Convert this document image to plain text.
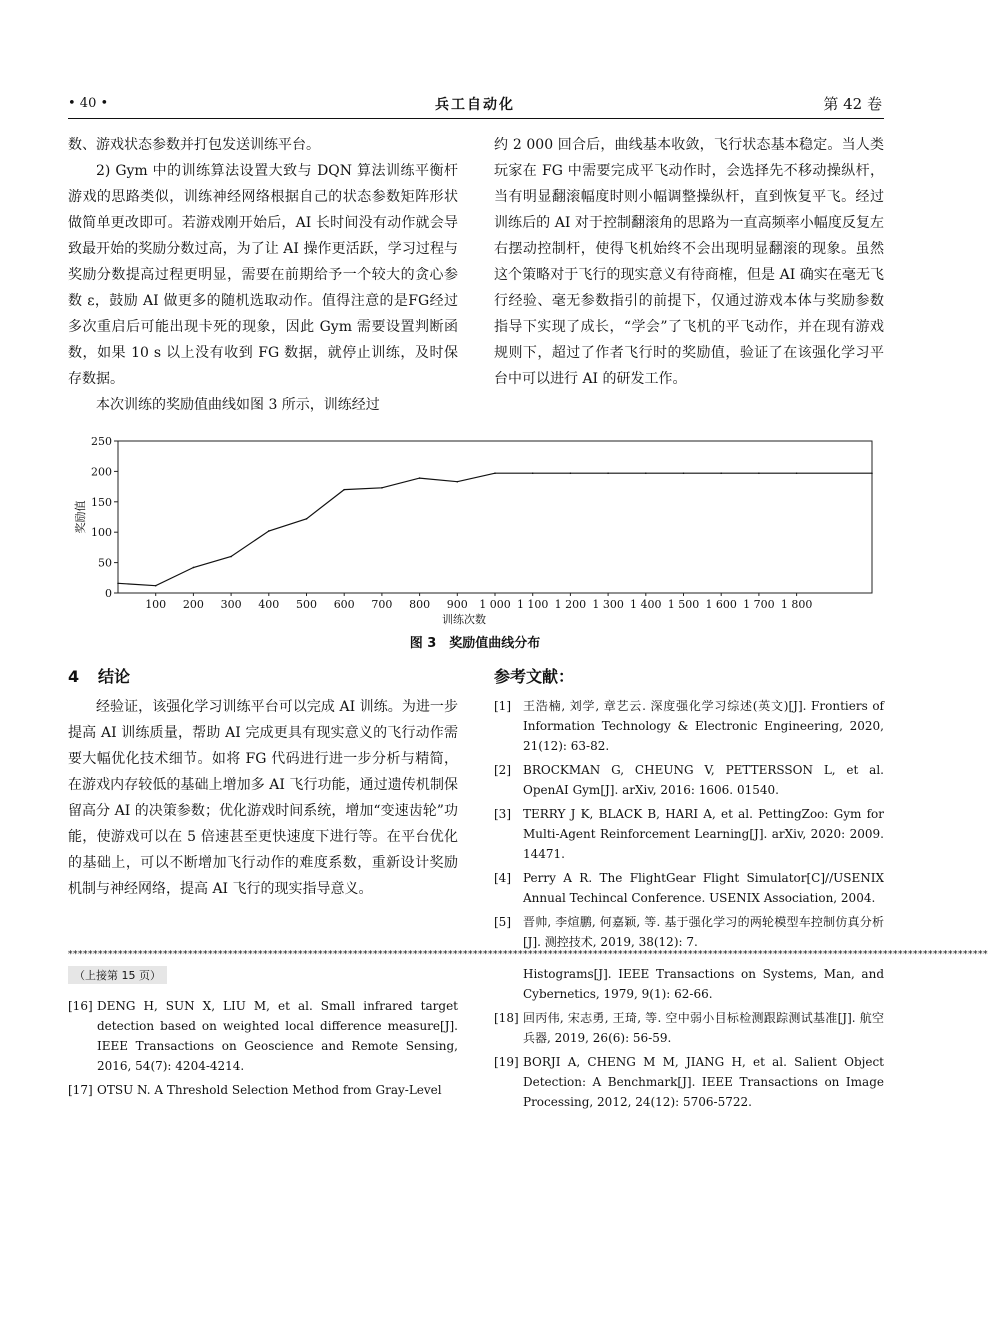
• 40 •	兵工自动化	第 42 卷

数、游戏状态参数并打包发送训练平台。

2) Gym 中的训练算法设置大致与 DQN 算法训练平衡杆游戏的思路类似，训练神经网络根据自己的状态参数矩阵形状做简单更改即可。若游戏刚开始后，AI 长时间没有动作就会导致最开始的奖励分数过高，为了让 AI 操作更活跃，学习过程与奖励分数提高过程更明显，需要在前期给予一个较大的贪心参数 ε，鼓励 AI 做更多的随机选取动作。值得注意的是FG经过多次重启后可能出现卡死的现象，因此 Gym 需要设置判断函数，如果 10 s 以上没有收到 FG 数据，就停止训练，及时保存数据。

本次训练的奖励值曲线如图 3 所示，训练经过

约 2 000 回合后，曲线基本收敛，飞行状态基本稳定。当人类玩家在 FG 中需要完成平飞动作时，会选择先不移动操纵杆，当有明显翻滚幅度时则小幅调整操纵杆，直到恢复平飞。经过训练后的 AI 对于控制翻滚角的思路为一直高频率小幅度反复左右摆动控制杆，使得飞机始终不会出现明显翻滚的现象。虽然这个策略对于飞行的现实意义有待商榷，但是 AI 确实在毫无飞行经验、毫无参数指引的前提下，仅通过游戏本体与奖励参数指导下实现了成长，“学会”了飞机的平飞动作，并在现有游戏规则下，超过了作者飞行时的奖励值，验证了在该强化学习平台中可以进行 AI 的研发工作。

0
50
100
150
200
250
100 200 300 400 500 600 700 800 900 1 000 1 100 1 200 1 300 1 400 1 500 1 600 1 700 1 800
奖励值
训练次数
图 3　奖励值曲线分布
4 结论

经验证，该强化学习训练平台可以完成 AI 训练。为进一步提高 AI 训练质量，帮助 AI 完成更具有现实意义的飞行动作需要大幅优化技术细节。如将 FG 代码进行进一步分析与精简，在游戏内存较低的基础上增加多 AI 飞行功能，通过遗传机制保留高分 AI 的决策参数；优化游戏时间系统，增加“变速齿轮”功能，使游戏可以在 5 倍速甚至更快速度下进行等。在平台优化的基础上，可以不断增加飞行动作的难度系数，重新设计奖励机制与神经网络，提高 AI 飞行的现实指导意义。

参考文献：
[1] 王浩楠, 刘学, 章艺云. 深度强化学习综述(英文)[J]. Frontiers of Information Technology & Electronic Engineering, 2020, 21(12): 63-82.
[2] BROCKMAN G, CHEUNG V, PETTERSSON L, et al. OpenAI Gym[J]. arXiv, 2016: 1606. 01540.
[3] TERRY J K, BLACK B, HARI A, et al. PettingZoo: Gym for Multi-Agent Reinforcement Learning[J]. arXiv, 2020: 2009. 14471.
[4] Perry A R. The FlightGear Flight Simulator[C]//USENIX Annual Techincal Conference. USENIX Association, 2004.
[5] 晋帅, 李煊鹏, 何嘉颖, 等. 基于强化学习的两轮模型车控制仿真分析[J]. 测控技术, 2019, 38(12): 7.
****************************************************************************************************************************************************************************************
（上接第 15 页）
[16] DENG H, SUN X, LIU M, et al. Small infrared target detection based on weighted local difference measure[J]. IEEE Transactions on Geoscience and Remote Sensing, 2016, 54(7): 4204-4214.
[17] OTSU N. A Threshold Selection Method from Gray-Level
Histograms[J]. IEEE Transactions on Systems, Man, and Cybernetics, 1979, 9(1): 62-66.
[18] 回丙伟, 宋志勇, 王琦, 等. 空中弱小目标检测跟踪测试基准[J]. 航空兵器, 2019, 26(6): 56-59.
[19] BORJI A, CHENG M M, JIANG H, et al. Salient Object Detection: A Benchmark[J]. IEEE Transactions on Image Processing, 2012, 24(12): 5706-5722.
